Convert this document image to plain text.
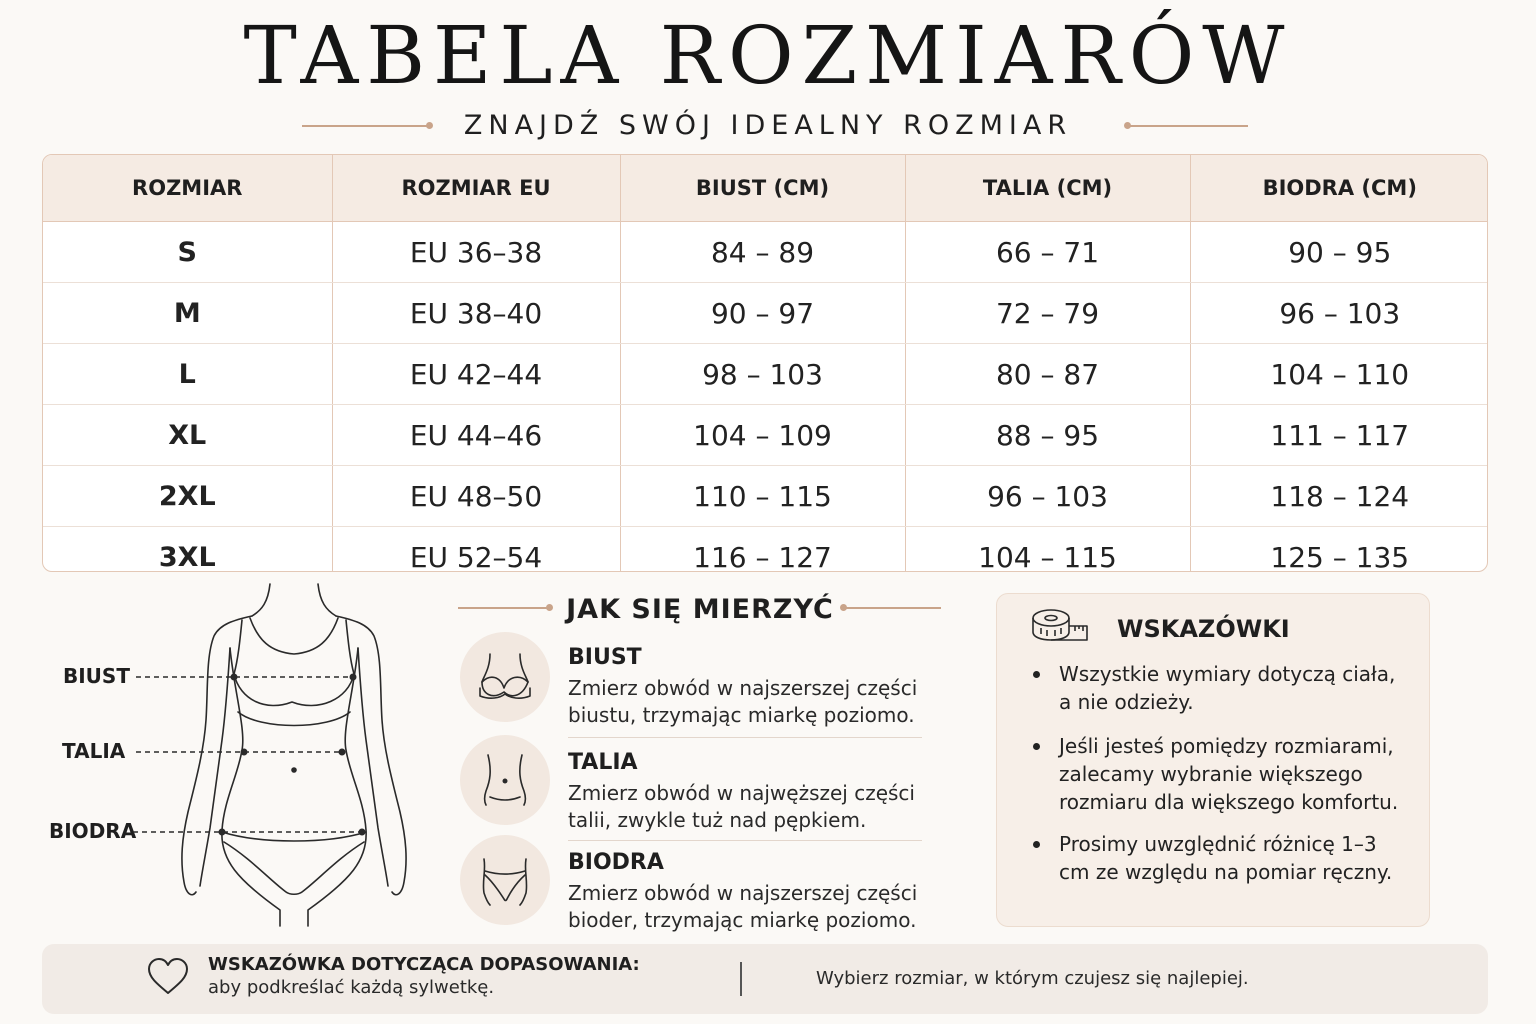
TABELA ROZMIARÓW
ZNAJDŹ SWÓJ IDEALNY ROZMIAR
ROZMIAR	ROZMIAR EU	BIUST (CM)	TALIA (CM)	BIODRA (CM)
S	EU 36–38	84 – 89	66 – 71	90 – 95
M	EU 38–40	90 – 97	72 – 79	96 – 103
L	EU 42–44	98 – 103	80 – 87	104 – 110
XL	EU 44–46	104 – 109	88 – 95	111 – 117
2XL	EU 48–50	110 – 115	96 – 103	118 – 124
3XL	EU 52–54	116 – 127	104 – 115	125 – 135
BIUST
TALIA
BIODRA
JAK SIĘ MIERZYĆ
BIUST
Zmierz obwód w najszerszej części biustu, trzymając miarkę poziomo.
TALIA
Zmierz obwód w najwęższej części talii, zwykle tuż nad pępkiem.
BIODRA
Zmierz obwód w najszerszej części bioder, trzymając miarkę poziomo.
WSKAZÓWKI
Wszystkie wymiary dotyczą ciała, a nie odzieży.
Jeśli jesteś pomiędzy rozmiarami, zalecamy wybranie większego rozmiaru dla większego komfortu.
Prosimy uwzględnić różnicę 1–3 cm ze względu na pomiar ręczny.
WSKAZÓWKA DOTYCZĄCA DOPASOWANIA:
aby podkreślać każdą sylwetkę.	Wybierz rozmiar, w którym czujesz się najlepiej.
